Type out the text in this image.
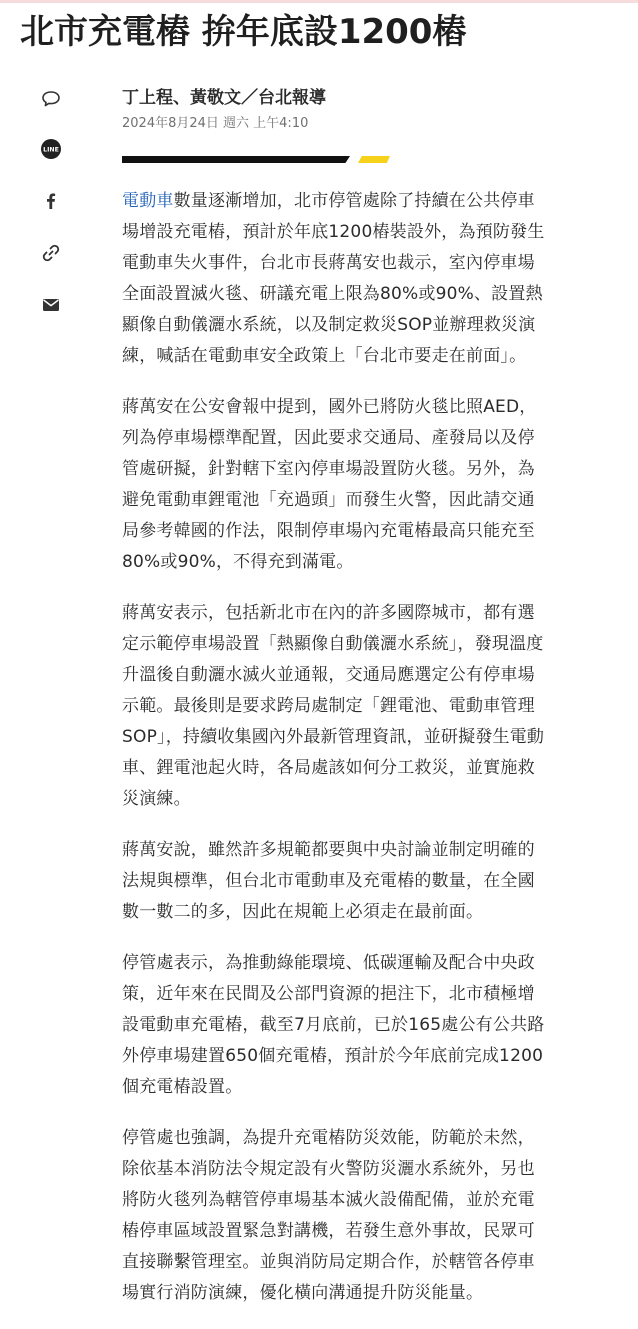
北市充電樁 拚年底設1200樁
LINE
丁上程、黃敬文／台北報導
2024年8月24日 週六 上午4:10

電動車數量逐漸增加，北市停管處除了持續在公共停車
場增設充電樁，預計於年底1200樁裝設外，為預防發生
電動車失火事件，台北市長蔣萬安也裁示，室內停車場
全面設置滅火毯、研議充電上限為80%或90%、設置熱
顯像自動儀灑水系統，以及制定救災SOP並辦理救災演
練，喊話在電動車安全政策上「台北市要走在前面」。

蔣萬安在公安會報中提到，國外已將防火毯比照AED，
列為停車場標準配置，因此要求交通局、產發局以及停
管處研擬，針對轄下室內停車場設置防火毯。另外，為
避免電動車鋰電池「充過頭」而發生火警，因此請交通
局參考韓國的作法，限制停車場內充電樁最高只能充至
80%或90%，不得充到滿電。

蔣萬安表示，包括新北市在內的許多國際城市，都有選
定示範停車場設置「熱顯像自動儀灑水系統」，發現溫度
升溫後自動灑水滅火並通報，交通局應選定公有停車場
示範。最後則是要求跨局處制定「鋰電池、電動車管理
SOP」，持續收集國內外最新管理資訊，並研擬發生電動
車、鋰電池起火時，各局處該如何分工救災，並實施救
災演練。

蔣萬安說，雖然許多規範都要與中央討論並制定明確的
法規與標準，但台北市電動車及充電樁的數量，在全國
數一數二的多，因此在規範上必須走在最前面。

停管處表示，為推動綠能環境、低碳運輸及配合中央政
策，近年來在民間及公部門資源的挹注下，北市積極增
設電動車充電樁，截至7月底前，已於165處公有公共路
外停車場建置650個充電樁，預計於今年底前完成1200
個充電樁設置。

停管處也強調，為提升充電樁防災效能，防範於未然，
除依基本消防法令規定設有火警防災灑水系統外，另也
將防火毯列為轄管停車場基本滅火設備配備，並於充電
樁停車區域設置緊急對講機，若發生意外事故，民眾可
直接聯繫管理室。並與消防局定期合作，於轄管各停車
場實行消防演練，優化橫向溝通提升防災能量。
